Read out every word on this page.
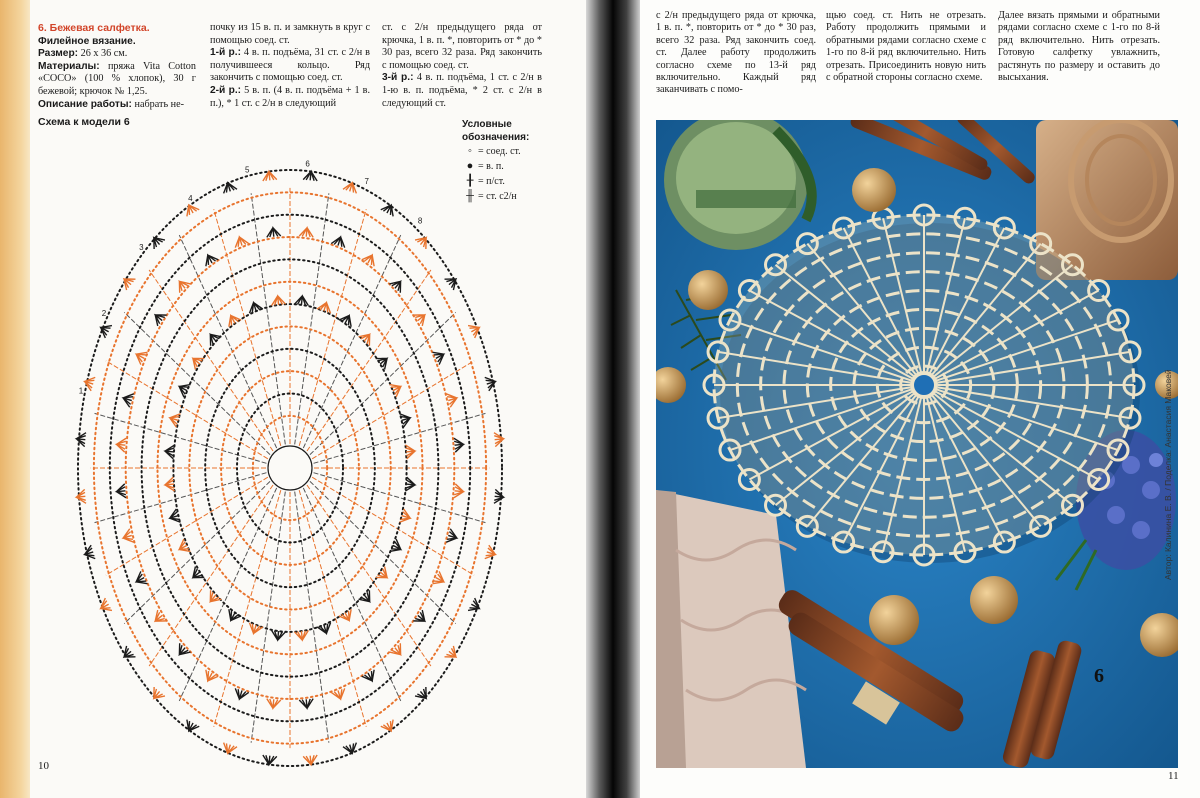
6. Бежевая салфетка.

Филейное вязание.

Размер: 26 х 36 см.

Материалы: пряжа Vita Cotton «COCO» (100 % хлопок), 30 г бежевой; крючок № 1,25.

Описание работы: набрать не-

почку из 15 в. п. и замкнуть в круг с помощью соед. ст.

1-й р.: 4 в. п. подъёма, 31 ст. с 2/н в получившееся кольцо. Ряд закончить с помощью соед. ст.

2-й р.: 5 в. п. (4 в. п. подъёма + 1 в. п.), * 1 ст. с 2/н в следующий

ст. с 2/н предыдущего ряда от крючка, 1 в. п. *, повторить от * до * 30 раз, всего 32 раза. Ряд закончить с помощью соед. ст.

3-й р.: 4 в. п. подъёма, 1 ст. с 2/н в 1-ю в. п. подъёма, * 2 ст. с 2/н в следующий ст.

Схема к модели 6	Условные обозначения:
◦ = соед. ст.
● = в. п.
╂ = п/ст.
╫ = ст. с2/н
1
2
3
4
5
6
7
8
10
с 2/н предыдущего ряда от крючка, 1 в. п. *, повторить от * до * 30 раз, всего 32 раза. Ряд закончить соед. ст. Далее работу продолжить согласно схеме по 13-й ряд включительно. Каждый ряд заканчивать с помо-
щью соед. ст. Нить не отрезать. Работу продолжить прямыми и обратными рядами согласно схеме с 1-го по 8-й ряд включительно. Нить отрезать. Присоединить новую нить с обратной стороны согласно схеме.
Далее вязать прямыми и обратными рядами согласно схеме с 1-го по 8-й ряд включительно. Нить отрезать. Готовую салфетку увлажнить, растянуть по размеру и оставить до высыхания.
6
11
Автор: Калинина Е. В. / Поделка: Анастасия Маковей
